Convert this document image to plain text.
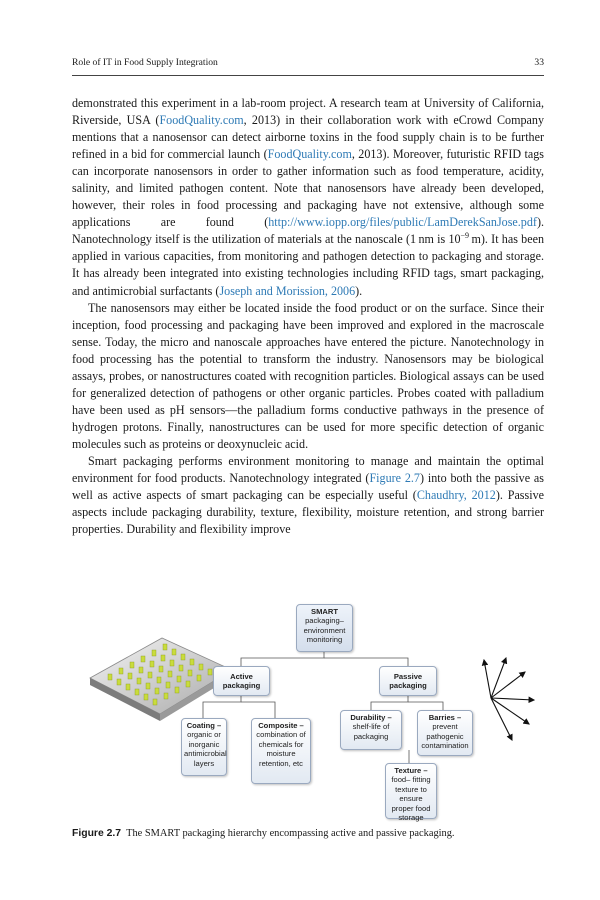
Role of IT in Food Supply Integration	33

demonstrated this experiment in a lab-room project. A research team at University of California, Riverside, USA (FoodQuality.com, 2013) in their collaboration work with eCrowd Company mentions that a nanosensor can detect airborne toxins in the food supply chain is to be further refined in a bid for commercial launch (FoodQuality.com, 2013). Moreover, futuristic RFID tags can incorporate nanosensors in order to gather information such as food temperature, acidity, salinity, and limited pathogen content. Note that nanosensors have already been developed, however, their roles in food processing and packaging have not extensive, although some applications are found (http://www.iopp.org/files/public/LamDerekSanJose.pdf). Nanotechnology itself is the utilization of materials at the nanoscale (1 nm is $10^{-9}$ m). It has been applied in various capacities, from monitoring and pathogen detection to packaging and storage. It has already been integrated into existing technologies including RFID tags, smart packaging, and antimicrobial surfactants (Joseph and Morission, 2006).

The nanosensors may either be located inside the food product or on the surface. Since their inception, food processing and packaging have been improved and explored in the macroscale sense. Today, the micro and nanoscale approaches have entered the picture. Nanotechnology in food processing has the potential to transform the industry. Nanosensors may be biological assays, probes, or nanostructures coated with recognition particles. Biological assays can be used for generalized detection of pathogens or other organic particles. Probes coated with palladium have been used as pH sensors—the palladium forms conductive pathways in the presence of hydrogen protons. Finally, nanostructures can be used for more specific detection of organic molecules such as proteins or deoxynucleic acid.

Smart packaging performs environment monitoring to manage and maintain the optimal environment for food products. Nanotechnology integrated (Figure 2.7) into both the passive as well as active aspects of smart packaging can be especially useful (Chaudhry, 2012). Passive aspects include packaging durability, texture, flexibility, moisture retention, and strong barrier properties. Durability and flexibility improve

SMART
packaging– environment monitoring
Active packaging
Passive packaging
Coating – organic or inorganic antimicrobial layers
Composite –
combination of chemicals for moisture retention, etc
Durability –
shelf-life of packaging
Barries –
prevent pathogenic contamination
Texture – food– fitting texture to ensure proper food storage
Figure 2.7 The SMART packaging hierarchy encompassing active and passive packaging.
